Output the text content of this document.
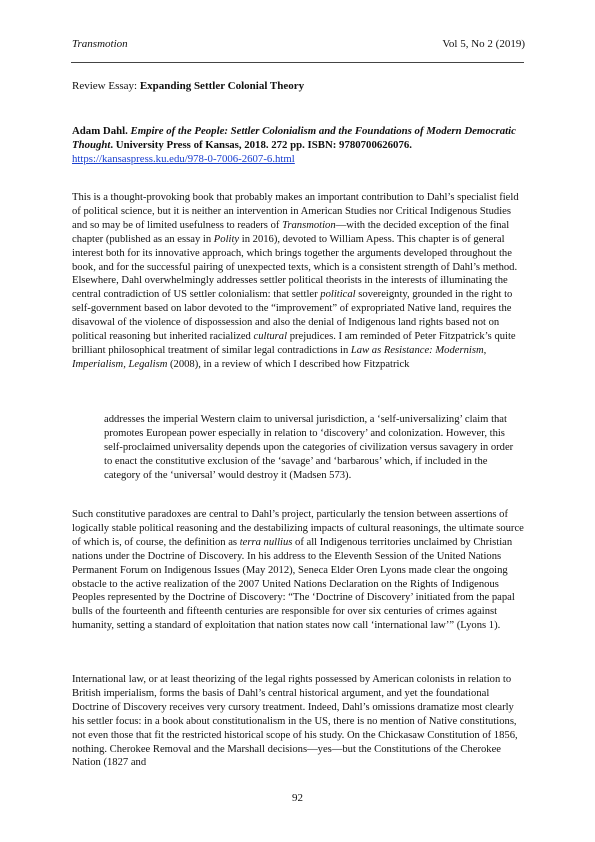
Transmotion	Vol 5, No 2 (2019)
Review Essay: Expanding Settler Colonial Theory
Adam Dahl. Empire of the People: Settler Colonialism and the Foundations of Modern Democratic Thought. University Press of Kansas, 2018. 272 pp. ISBN: 9780700626076.
https://kansaspress.ku.edu/978-0-7006-2607-6.html

This is a thought-provoking book that probably makes an important contribution to Dahl’s specialist field of political science, but it is neither an intervention in American Studies nor Critical Indigenous Studies and so may be of limited usefulness to readers of Transmotion—with the decided exception of the final chapter (published as an essay in Polity in 2016), devoted to William Apess. This chapter is of general interest both for its innovative approach, which brings together the arguments developed throughout the book, and for the successful pairing of unexpected texts, which is a consistent strength of Dahl’s method. Elsewhere, Dahl overwhelmingly addresses settler political theorists in the interests of illuminating the central contradiction of US settler colonialism: that settler political sovereignty, grounded in the right to self-government based on labor devoted to the “improvement” of expropriated Native land, requires the disavowal of the violence of dispossession and also the denial of Indigenous land rights based not on political reasoning but inherited racialized cultural prejudices. I am reminded of Peter Fitzpatrick’s quite brilliant philosophical treatment of similar legal contradictions in Law as Resistance: Modernism, Imperialism, Legalism (2008), in a review of which I described how Fitzpatrick

addresses the imperial Western claim to universal jurisdiction, a ‘self-universalizing’ claim that promotes European power especially in relation to ‘discovery’ and colonization. However, this self-proclaimed universality depends upon the categories of civilization versus savagery in order to enact the constitutive exclusion of the ‘savage’ and ‘barbarous’ which, if included in the category of the ‘universal’ would destroy it (Madsen 573).

Such constitutive paradoxes are central to Dahl’s project, particularly the tension between assertions of logically stable political reasoning and the destabilizing impacts of cultural reasonings, the ultimate source of which is, of course, the definition as terra nullius of all Indigenous territories unclaimed by Christian nations under the Doctrine of Discovery. In his address to the Eleventh Session of the United Nations Permanent Forum on Indigenous Issues (May 2012), Seneca Elder Oren Lyons made clear the ongoing obstacle to the active realization of the 2007 United Nations Declaration on the Rights of Indigenous Peoples represented by the Doctrine of Discovery: “The ‘Doctrine of Discovery’ initiated from the papal bulls of the fourteenth and fifteenth centuries are responsible for over six centuries of crimes against humanity, setting a standard of exploitation that nation states now call ‘international law’” (Lyons 1).

International law, or at least theorizing of the legal rights possessed by American colonists in relation to British imperialism, forms the basis of Dahl’s central historical argument, and yet the foundational Doctrine of Discovery receives very cursory treatment. Indeed, Dahl’s omissions dramatize most clearly his settler focus: in a book about constitutionalism in the US, there is no mention of Native constitutions, not even those that fit the restricted historical scope of his study. On the Chickasaw Constitution of 1856, nothing. Cherokee Removal and the Marshall decisions—yes—but the Constitutions of the Cherokee Nation (1827 and

92
